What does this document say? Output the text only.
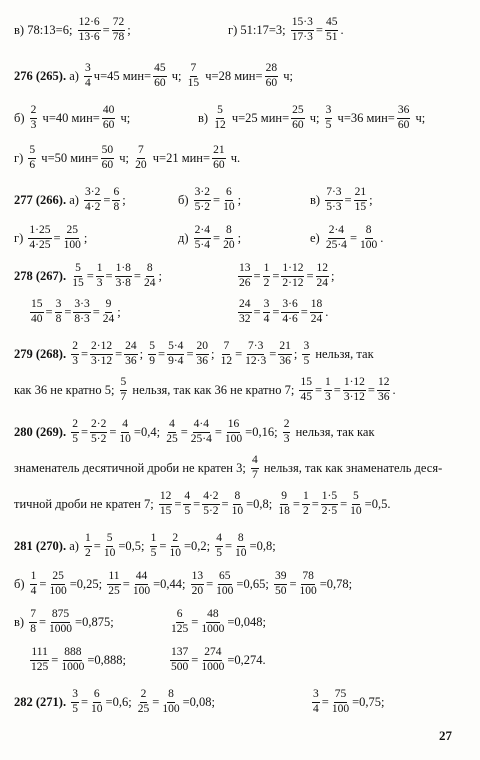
в) 78:13=6; $\frac{12\cdot 6}{13\cdot 6} = \frac{72}{78}$ ;	г) 51:17=3; $\frac{15\cdot 3}{17\cdot 3} = \frac{45}{51}$ .
276 (265). $а) \frac{3}{4} ч=45$ $мин= \frac{45}{60} ч$; $\frac{7}{15} ч=28$ $мин= \frac{28}{60} ч$;
$б) \frac{2}{3} ч=40$ $мин= \frac{40}{60} ч$;	$в) \frac{5}{12} ч=25$ $мин= \frac{25}{60} ч$; $\frac{3}{5} ч=36$ $мин= \frac{36}{60} ч$;
$г) \frac{5}{6} ч=50$ $мин= \frac{50}{60} ч$; $\frac{7}{20} ч=21$ $мин= \frac{21}{60} ч$.
277 (266). $а) \frac{3\cdot 2}{4\cdot 2} = \frac{6}{8}$ ;	$б) \frac{3\cdot 2}{5\cdot 2} = \frac{6}{10}$ ;	$в) \frac{7\cdot 3}{5\cdot 3} = \frac{21}{15}$ ;
$г) \frac{1\cdot 25}{4\cdot 25} = \frac{25}{100}$ ;	$д) \frac{2\cdot 4}{5\cdot 4} = \frac{8}{20}$ ;	$е) \frac{2\cdot 4}{25\cdot 4} = \frac{8}{100}$ .
278 (267).
$\frac{5}{15} = \frac{1}{3} = \frac{1\cdot 8}{3\cdot 8} = \frac{8}{24}$ ;	$\frac{13}{26} = \frac{1}{2} = \frac{1\cdot 12}{2\cdot 12} = \frac{12}{24}$ ;
$\frac{15}{40} = \frac{3}{8} = \frac{3\cdot 3}{8\cdot 3} = \frac{9}{24}$ ;	$\frac{24}{32} = \frac{3}{4} = \frac{3\cdot 6}{4\cdot 6} = \frac{18}{24}$ .
279 (268).
$\frac{2}{3} = \frac{2\cdot 12}{3\cdot 12} = \frac{24}{36}$ ; $\frac{5}{9} = \frac{5\cdot 4}{9\cdot 4} = \frac{20}{36}$ ; $\frac{7}{12} = \frac{7\cdot 3}{12\cdot 3} = \frac{21}{36}$ ; $\frac{3}{5}$ нельзя, так
как 36 не кратно 5; $\frac{5}{7}$ нельзя, так как 36 не кратно 7; $\frac{15}{45} = \frac{1}{3} = \frac{1\cdot 12}{3\cdot 12} = \frac{12}{36}$ .
280 (269).
$\frac{2}{5} = \frac{2\cdot 2}{5\cdot 2} = \frac{4}{10} =0,4$; $\frac{4}{25} = \frac{4\cdot 4}{25\cdot 4} = \frac{16}{100} =0,16$; $\frac{2}{3}$ нельзя, так как
знаменатель десятичной дроби не кратен 3; $\frac{4}{7}$ нельзя, так как знаменатель деся-
тичной дроби не кратен 7; $\frac{12}{15} = \frac{4}{5} = \frac{4\cdot 2}{5\cdot 2} = \frac{8}{10} =0,8$; $\frac{9}{18} = \frac{1}{2} = \frac{1\cdot 5}{2\cdot 5} = \frac{5}{10} =0,5$.
281 (270). $а) \frac{1}{2} = \frac{5}{10} =0,5$; $\frac{1}{5} = \frac{2}{10} =0,2$; $\frac{4}{5} = \frac{8}{10} =0,8$;
$б) \frac{1}{4} = \frac{25}{100} =0,25$; $\frac{11}{25} = \frac{44}{100} =0,44$; $\frac{13}{20} = \frac{65}{100} =0,65$; $\frac{39}{50} = \frac{78}{100} =0,78$;
$в) \frac{7}{8} = \frac{875}{1000} =0,875$;	$\frac{6}{125} = \frac{48}{1000} =0,048$;
$\frac{111}{125} = \frac{888}{1000} =0,888$;	$\frac{137}{500} = \frac{274}{1000} =0,274$.
282 (271).
$\frac{3}{5} = \frac{6}{10} =0,6$; $\frac{2}{25} = \frac{8}{100} =0,08$;	$\frac{3}{4} = \frac{75}{100} =0,75$;
27
